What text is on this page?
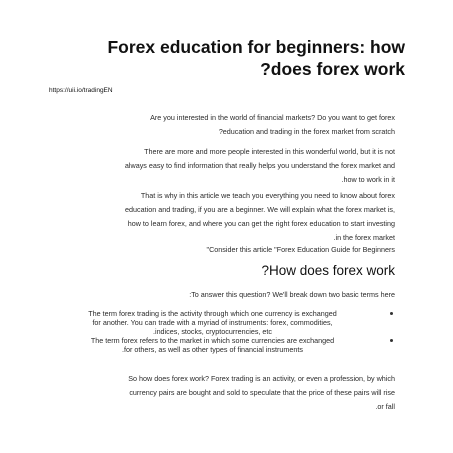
Forex education for beginners: how
?does forex work

https://uii.io/tradingEN

Are you interested in the world of financial markets? Do you want to get forex
?education and trading in the forex market from scratch

There are more and more people interested in this wonderful world, but it is not
always easy to find information that really helps you understand the forex market and
.how to work in it

That is why in this article we teach you everything you need to know about forex
education and trading, if you are a beginner. We will explain what the forex market is,
how to learn forex, and where you can get the right forex education to start investing
.in the forex market

"Consider this article "Forex Education Guide for Beginners

?How does forex work

:To answer this question? We'll break down two basic terms here

The term forex trading is the activity through which one currency is exchanged
for another. You can trade with a myriad of instruments: forex, commodities,
.indices, stocks, cryptocurrencies, etc
The term forex refers to the market in which some currencies are exchanged
.for others, as well as other types of financial instruments

So how does forex work? Forex trading is an activity, or even a profession, by which
currency pairs are bought and sold to speculate that the price of these pairs will rise
.or fall
